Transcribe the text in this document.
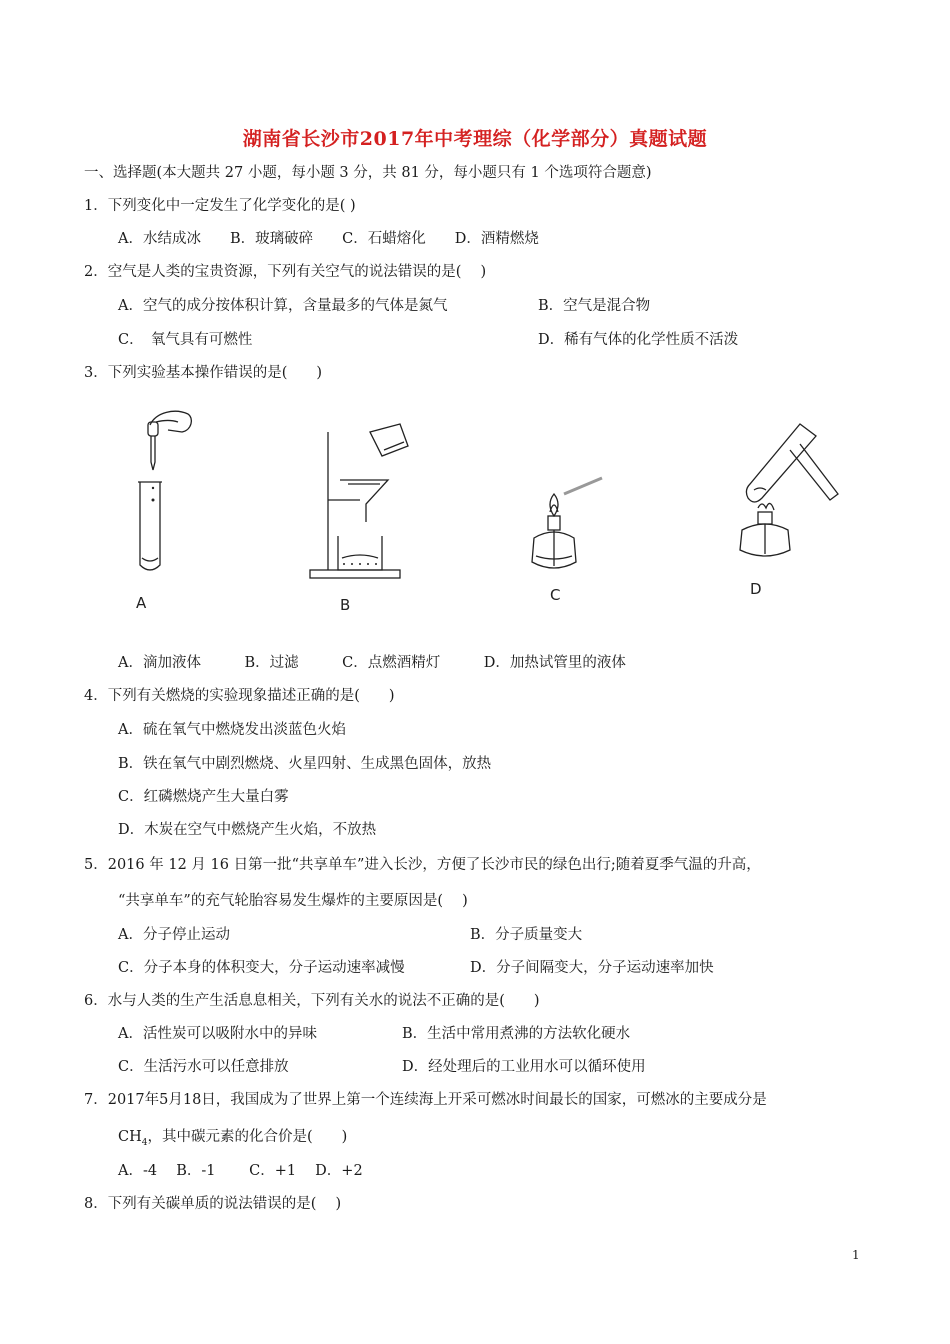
湖南省长沙市2017年中考理综（化学部分）真题试题
一、选择题(本大题共 27 小题，每小题 3 分，共 81 分，每小题只有 1 个选项符合题意)
1．下列变化中一定发生了化学变化的是( )
A．水结成冰　　B．玻璃破碎　　C．石蜡熔化　　D．酒精燃烧
2．空气是人类的宝贵资源，下列有关空气的说法错误的是(　 )
A．空气的成分按体积计算，含量最多的气体是氮气	B．空气是混合物
C．　氧气具有可燃性	D．稀有气体的化学性质不活泼
3．下列实验基本操作错误的是(　　)
A	B
C	D
A．滴加液体　　　B．过滤　　　C．点燃酒精灯　　　D．加热试管里的液体
4．下列有关燃烧的实验现象描述正确的是(　　)
A．硫在氧气中燃烧发出淡蓝色火焰
B．铁在氧气中剧烈燃烧、火星四射、生成黑色固体，放热
C．红磷燃烧产生大量白雾
D．木炭在空气中燃烧产生火焰，不放热
5．2016 年 12 月 16 日第一批“共享单车”进入长沙，方便了长沙市民的绿色出行;随着夏季气温的升高，
“共享单车”的充气轮胎容易发生爆炸的主要原因是(　 )
A．分子停止运动	B．分子质量变大
C．分子本身的体积变大，分子运动速率减慢	D．分子间隔变大，分子运动速率加快
6．水与人类的生产生活息息相关，下列有关水的说法不正确的是(　　)
A．活性炭可以吸附水中的异味	B．生活中常用煮沸的方法软化硬水
C．生活污水可以任意排放	D．经处理后的工业用水可以循环使用
7．2017年5月18日，我国成为了世界上第一个连续海上开采可燃冰时间最长的国家，可燃冰的主要成分是
$CH_4$，其中碳元素的化合价是(　　)
A．-4　 B．-1　　 C．+1　 D．+2
8．下列有关碳单质的说法错误的是(　 )
1
